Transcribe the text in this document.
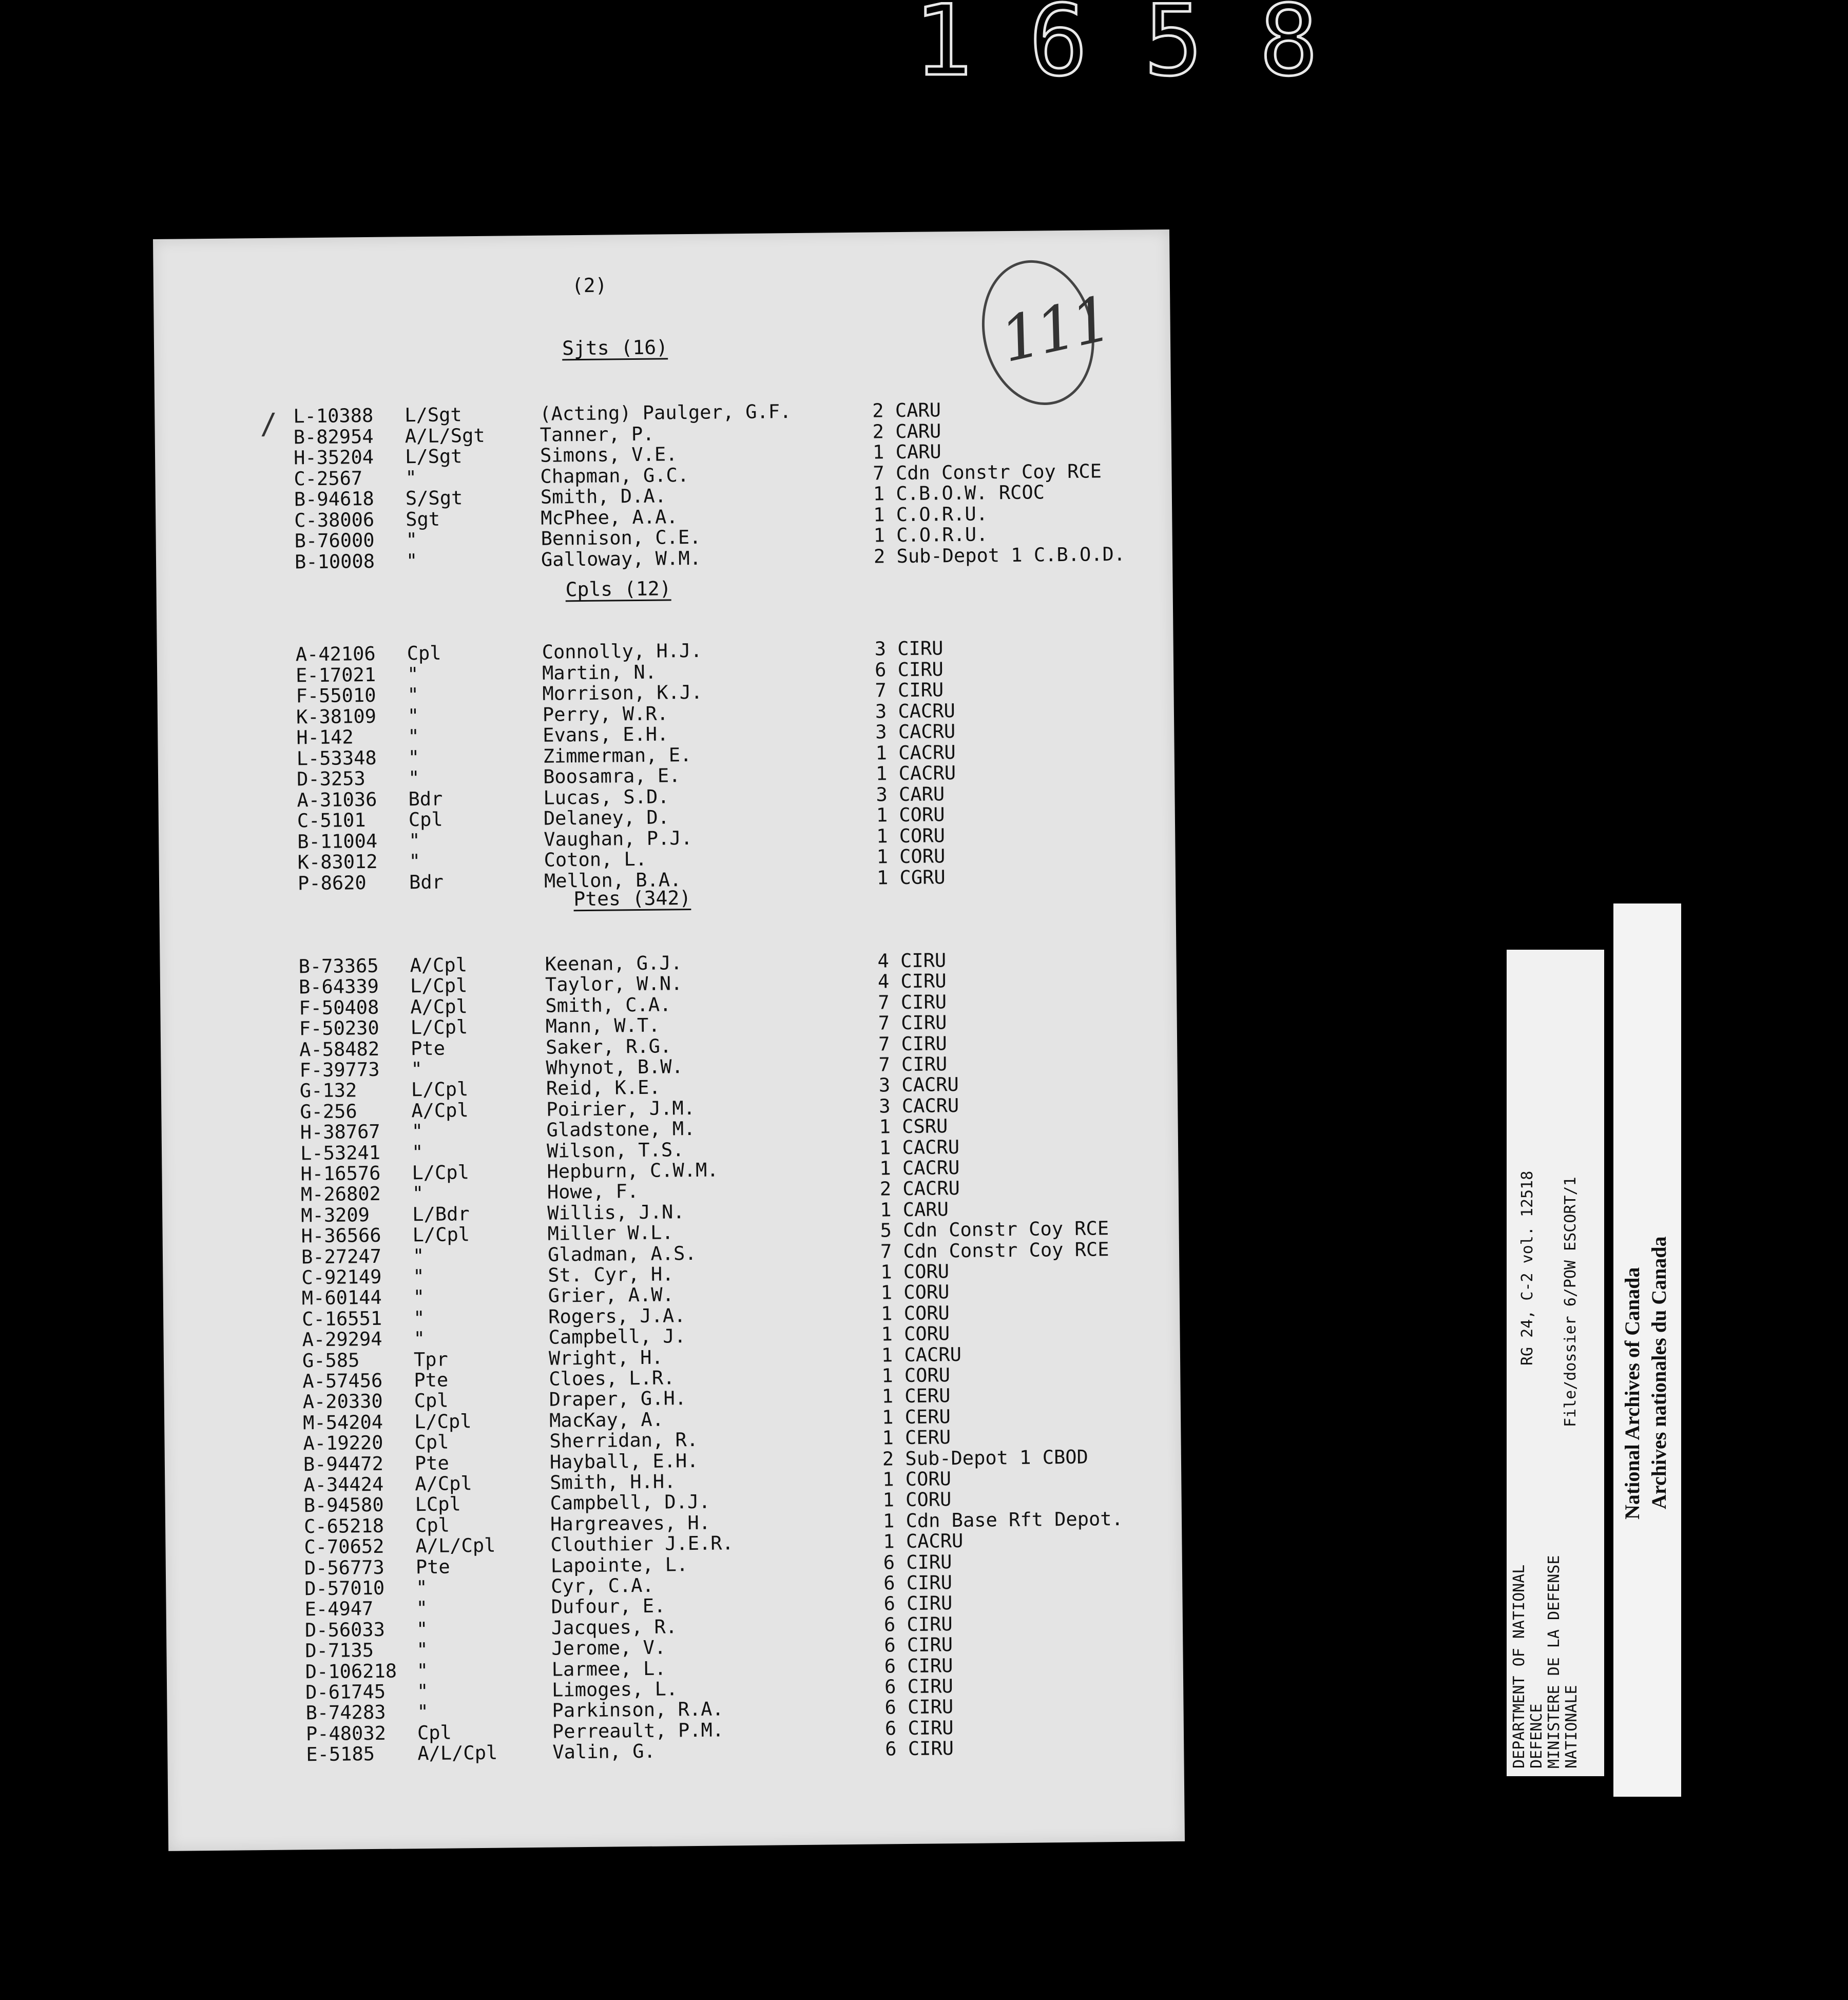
1658
(2)	111
/
Sjts (16)
L-10388 L/Sgt	(Acting) Paulger, G.F.	2 CARU
B-82954 A/L/Sgt	Tanner, P.	2 CARU
H-35204 L/Sgt	Simons, V.E.	1 CARU
C-2567 "	Chapman, G.C.	7 Cdn Constr Coy RCE
B-94618 S/Sgt	Smith, D.A.	1 C.B.O.W. RCOC
C-38006 Sgt	McPhee, A.A.	1 C.O.R.U.
B-76000 "	Bennison, C.E.	1 C.O.R.U.
B-10008 "	Galloway, W.M.	2 Sub-Depot 1 C.B.O.D.
Cpls (12)
A-42106 Cpl	Connolly, H.J.	3 CIRU
E-17021 "	Martin, N.	6 CIRU
F-55010 "	Morrison, K.J.	7 CIRU
K-38109 "	Perry, W.R.	3 CACRU
H-142	"	Evans, E.H.	3 CACRU
L-53348 "	Zimmerman, E.	1 CACRU
D-3253 "	Boosamra, E.	1 CACRU
A-31036 Bdr	Lucas, S.D.	3 CARU
C-5101 Cpl	Delaney, D.	1 CORU
B-11004 "	Vaughan, P.J.	1 CORU
K-83012 "	Coton, L.	1 CORU
P-8620 Bdr	Mellon, B.A.	1 CGRU
Ptes (342)
B-73365 A/Cpl	Keenan, G.J.	4 CIRU
B-64339 L/Cpl	Taylor, W.N.	4 CIRU
F-50408 A/Cpl	Smith, C.A.	7 CIRU
F-50230 L/Cpl	Mann, W.T.	7 CIRU
A-58482 Pte	Saker, R.G.	7 CIRU
F-39773 "	Whynot, B.W.	7 CIRU
G-132	L/Cpl	Reid, K.E.	3 CACRU
G-256	A/Cpl	Poirier, J.M.	3 CACRU
H-38767 "	Gladstone, M.	1 CSRU
L-53241 "	Wilson, T.S.	1 CACRU
H-16576 L/Cpl	Hepburn, C.W.M.	1 CACRU
M-26802 "	Howe, F.	2 CACRU
M-3209 L/Bdr	Willis, J.N.	1 CARU
H-36566 L/Cpl	Miller W.L.	5 Cdn Constr Coy RCE
B-27247 "	Gladman, A.S.	7 Cdn Constr Coy RCE
C-92149 "	St. Cyr, H.	1 CORU
M-60144 "	Grier, A.W.	1 CORU
C-16551 "	Rogers, J.A.	1 CORU
A-29294 "	Campbell, J.	1 CORU
G-585	Tpr	Wright, H.	1 CACRU
A-57456 Pte	Cloes, L.R.	1 CORU
A-20330 Cpl	Draper, G.H.	1 CERU
M-54204 L/Cpl	MacKay, A.	1 CERU
A-19220 Cpl	Sherridan, R.	1 CERU
B-94472 Pte	Hayball, E.H.	2 Sub-Depot 1 CBOD
A-34424 A/Cpl	Smith, H.H.	1 CORU
B-94580 LCpl	Campbell, D.J.	1 CORU
C-65218 Cpl	Hargreaves, H.	1 Cdn Base Rft Depot.
C-70652 A/L/Cpl	Clouthier J.E.R.	1 CACRU
D-56773 Pte	Lapointe, L.	6 CIRU
D-57010 "	Cyr, C.A.	6 CIRU
E-4947 "	Dufour, E.	6 CIRU
D-56033 "	Jacques, R.	6 CIRU
D-7135 "	Jerome, V.	6 CIRU
D-106218 "	Larmee, L.	6 CIRU
D-61745 "	Limoges, L.	6 CIRU
B-74283 "	Parkinson, R.A.	6 CIRU
P-48032 Cpl	Perreault, P.M.	6 CIRU
E-5185 A/L/Cpl	Valin, G.	6 CIRU	DEPARTMENT OF NATIONAL
DEFENCE
MINISTERE DE LA DEFENSE
NATIONALE
RG 24, C-2 vol. 12518 File/dossier 6/POW ESCORT/1 National Archives of Canada Archives nationales du Canada
